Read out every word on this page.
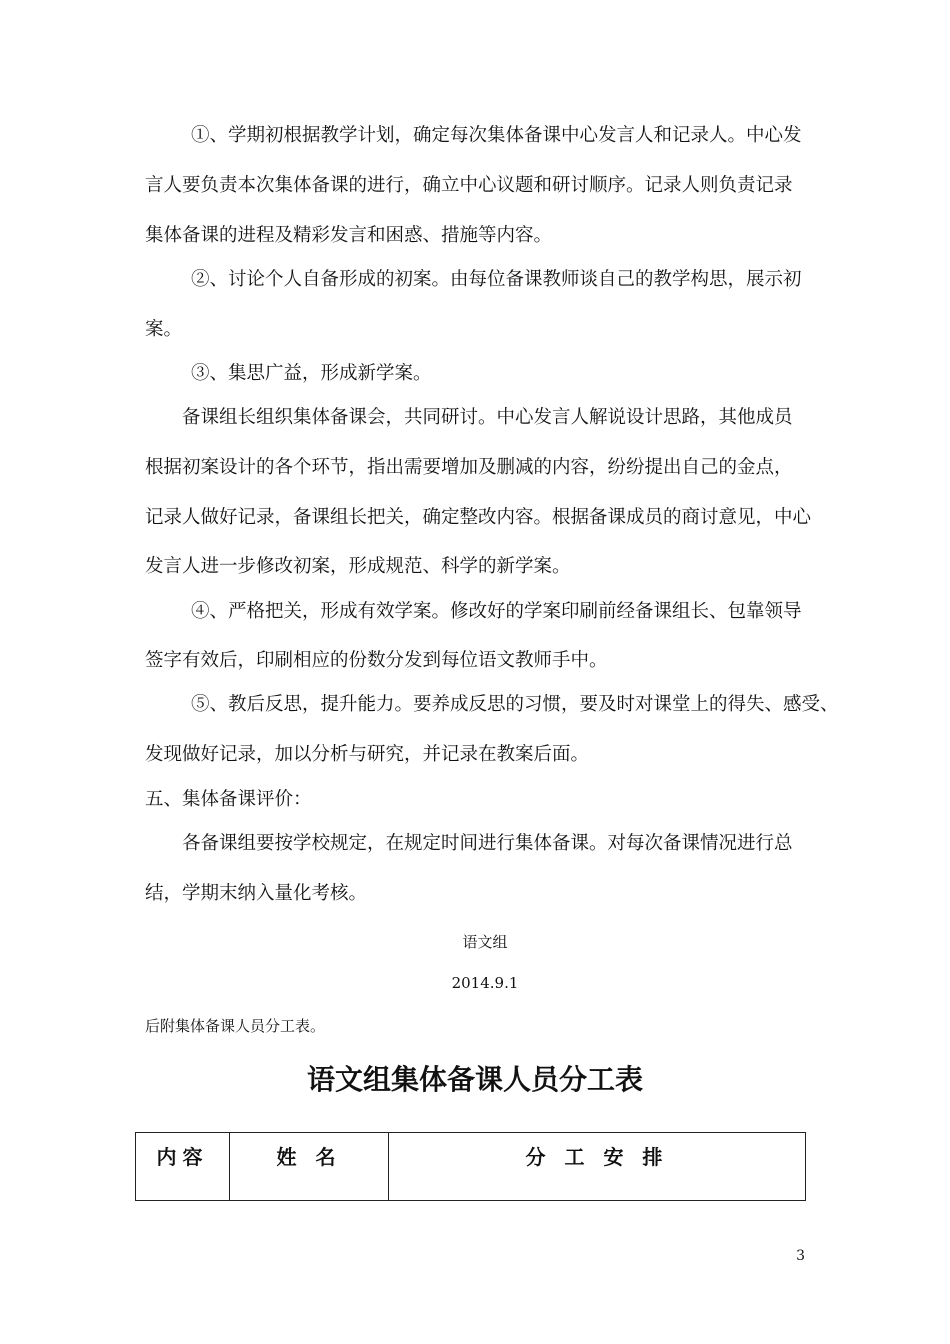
①、学期初根据教学计划，确定每次集体备课中心发言人和记录人。中心发
言人要负责本次集体备课的进行，确立中心议题和研讨顺序。记录人则负责记录
集体备课的进程及精彩发言和困惑、措施等内容。
②、讨论个人自备形成的初案。由每位备课教师谈自己的教学构思，展示初
案。
③、集思广益，形成新学案。
备课组长组织集体备课会，共同研讨。中心发言人解说设计思路，其他成员
根据初案设计的各个环节，指出需要增加及删减的内容，纷纷提出自己的金点，
记录人做好记录，备课组长把关，确定整改内容。根据备课成员的商讨意见，中心
发言人进一步修改初案，形成规范、科学的新学案。
④、严格把关，形成有效学案。修改好的学案印刷前经备课组长、包靠领导
签字有效后，印刷相应的份数分发到每位语文教师手中。
⑤、教后反思，提升能力。要养成反思的习惯，要及时对课堂上的得失、感受、
发现做好记录，加以分析与研究，并记录在教案后面。
五、集体备课评价：
各备课组要按学校规定，在规定时间进行集体备课。对每次备课情况进行总
结，学期末纳入量化考核。
语文组
2014.9.1
后附集体备课人员分工表。
语文组集体备课人员分工表
内容	姓 名	分 工 安 排
3
